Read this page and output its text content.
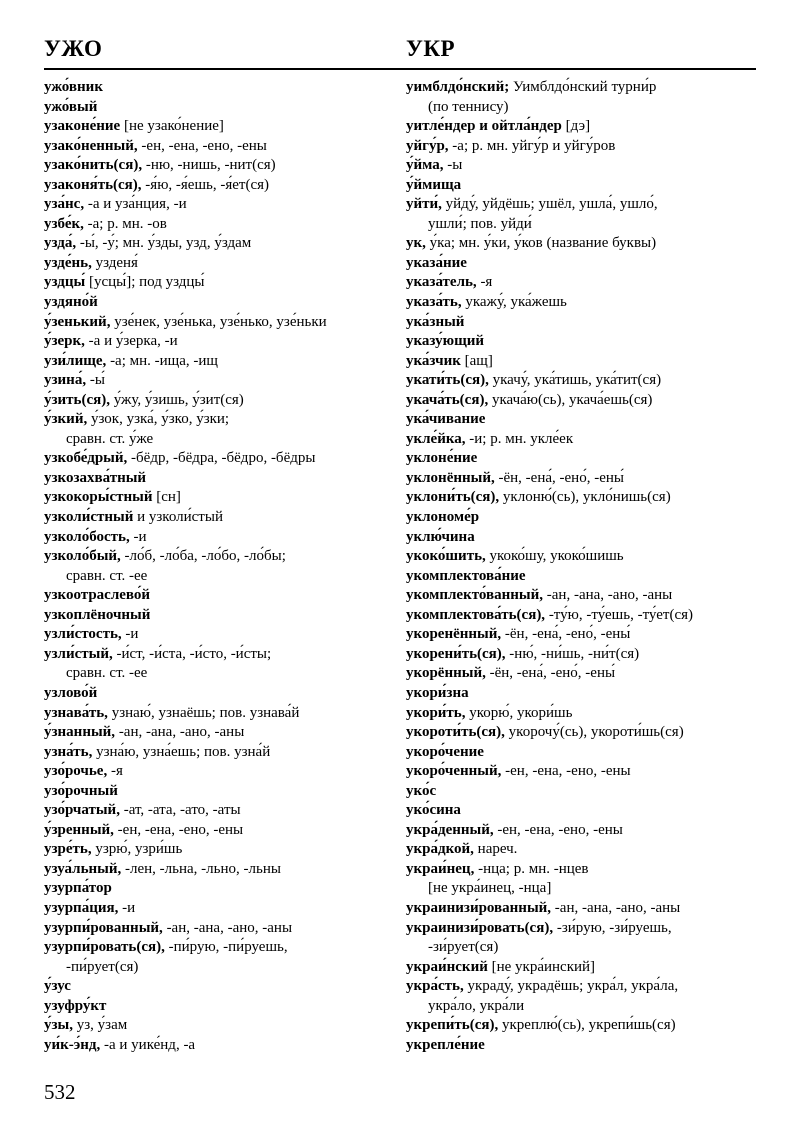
УЖО	УКР
ужо́вник
ужо́вый
узаконе́ние [не узако́нение]
узако́ненный, -ен, -ена, -ено, -ены
узако́нить(ся), -ню, -нишь, -нит(ся)
узаконя́ть(ся), -я́ю, -я́ешь, -я́ет(ся)
уза́нс, -а и уза́нция, -и
узбе́к, -а; р. мн. -ов
узда́, -ы́, -у́; мн. у́зды, узд, у́здам
узде́нь, узденя́
уздцы́ [усцы́]; под уздцы́
уздяно́й
у́зенький, узе́нек, узе́нька, узе́нько, узе́ньки
у́зерк, -а и у́зерка, -и
узи́лище, -а; мн. -ища, -ищ
узина́, -ы́
у́зить(ся), у́жу, у́зишь, у́зит(ся)
у́зкий, у́зок, узка́, у́зко, у́зки;
сравн. ст. у́же
узкобе́дрый, -бёдр, -бёдра, -бёдро, -бёдры
узкозахва́тный
узкокоры́стный [сн]
узколи́стный и узколи́стый
узколо́бость, -и
узколо́бый, -ло́б, -ло́ба, -ло́бо, -ло́бы;
сравн. ст. -ее
узкоотраслево́й
узкоплёночный
узли́стость, -и
узли́стый, -и́ст, -и́ста, -и́сто, -и́сты;
сравн. ст. -ее
узлово́й
узнава́ть, узнаю́, узнаёшь; пов. узнава́й
у́знанный, -ан, -ана, -ано, -аны
узна́ть, узна́ю, узна́ешь; пов. узна́й
узо́рочье, -я
узо́рочный
узо́рчатый, -ат, -ата, -ато, -аты
у́зренный, -ен, -ена, -ено, -ены
узре́ть, узрю́, узри́шь
узуа́льный, -лен, -льна, -льно, -льны
узурпа́тор
узурпа́ция, -и
узурпи́рованный, -ан, -ана, -ано, -аны
узурпи́ровать(ся), -пи́рую, -пи́руешь,
-пи́рует(ся)
у́зус
узуфру́кт
у́зы, уз, у́зам
уи́к-э́нд, -а и уике́нд, -а
уимблдо́нский; Уимблдо́нский турни́р
(по теннису)
уитле́ндер и ойтла́ндер [дэ]
уйгу́р, -а; р. мн. уйгу́р и уйгу́ров
у́йма, -ы
у́ймища
уйти́, уйду́, уйдёшь; ушёл, ушла́, ушло́,
ушли́; пов. уйди́
ук, у́ка; мн. у́ки, у́ков (название буквы)
указа́ние
указа́тель, -я
указа́ть, укажу́, ука́жешь
ука́зный
указу́ющий
ука́зчик [ащ]
укати́ть(ся), укачу́, ука́тишь, ука́тит(ся)
укача́ть(ся), укача́ю(сь), укача́ешь(ся)
ука́чивание
укле́йка, -и; р. мн. укле́ек
уклоне́ние
уклонённый, -ён, -ена́, -ено́, -ены́
уклони́ть(ся), уклоню́(сь), укло́нишь(ся)
уклономе́р
уклю́чина
укоко́шить, укоко́шу, укоко́шишь
укомплектова́ние
укомплекто́ванный, -ан, -ана, -ано, -аны
укомплектова́ть(ся), -ту́ю, -ту́ешь, -ту́ет(ся)
укоренённый, -ён, -ена́, -ено́, -ены́
укорени́ть(ся), -ню́, -ни́шь, -ни́т(ся)
укорённый, -ён, -ена́, -ено́, -ены́
укори́зна
укори́ть, укорю́, укори́шь
укороти́ть(ся), укорочу́(сь), укороти́шь(ся)
укоро́чение
укоро́ченный, -ен, -ена, -ено, -ены
уко́с
уко́сина
укра́денный, -ен, -ена, -ено, -ены
укра́дкой, нареч.
украи́нец, -нца; р. мн. -нцев
[не укра́инец, -нца]
украинизи́рованный, -ан, -ана, -ано, -аны
украинизи́ровать(ся), -зи́рую, -зи́руешь,
-зи́рует(ся)
украи́нский [не укра́инский]
укра́сть, украду́, украдёшь; укра́л, укра́ла,
укра́ло, укра́ли
укрепи́ть(ся), укреплю́(сь), укрепи́шь(ся)
укрепле́ние
532
